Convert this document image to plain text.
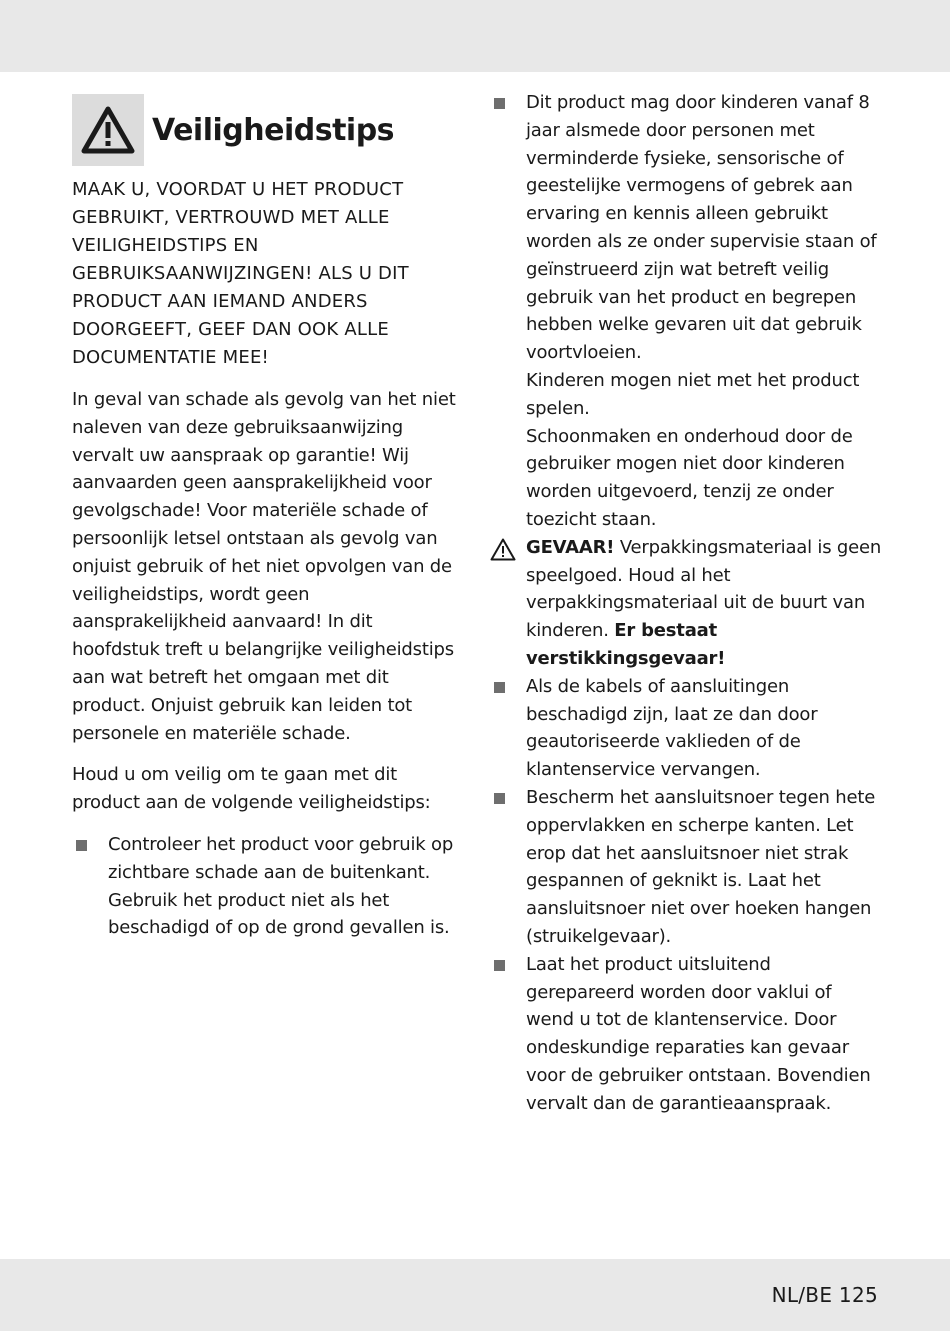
Veiligheidstips

MAAK U, VOORDAT U HET PRODUCT GEBRUIKT, VERTROUWD MET ALLE VEILIGHEIDSTIPS EN GEBRUIKSAANWIJZINGEN! ALS U DIT PRODUCT AAN IEMAND ANDERS DOORGEEFT, GEEF DAN OOK ALLE DOCUMENTATIE MEE!

In geval van schade als gevolg van het niet naleven van deze gebruiksaanwijzing vervalt uw aanspraak op garantie! Wij aanvaarden geen aansprakelijkheid voor gevolgschade! Voor materiële schade of persoonlijk letsel ontstaan als gevolg van onjuist gebruik of het niet opvolgen van de veiligheidstips, wordt geen aansprakelijkheid aanvaard! In dit hoofdstuk treft u belangrijke veiligheidstips aan wat betreft het omgaan met dit product. Onjuist gebruik kan leiden tot personele en materiële schade.

Houd u om veilig om te gaan met dit product aan de volgende veiligheidstips:

Controleer het product voor gebruik op zichtbare schade aan de buitenkant. Gebruik het product niet als het beschadigd of op de grond gevallen is.

Dit product mag door kinderen vanaf 8 jaar alsmede door personen met verminderde fysieke, sensorische of geestelijke vermogens of gebrek aan ervaring en kennis alleen gebruikt worden als ze onder supervisie staan of geïnstrueerd zijn wat betreft veilig gebruik van het product en begrepen hebben welke gevaren uit dat gebruik voortvloeien.

Kinderen mogen niet met het product spelen.

Schoonmaken en onderhoud door de gebruiker mogen niet door kinderen worden uitgevoerd, tenzij ze onder toezicht staan.

GEVAAR! Verpakkingsmateriaal is geen speelgoed. Houd al het verpakkingsmateriaal uit de buurt van kinderen. Er bestaat verstikkingsgevaar!

Als de kabels of aansluitingen beschadigd zijn, laat ze dan door geautoriseerde vaklieden of de klantenservice vervangen.

Bescherm het aansluitsnoer tegen hete oppervlakken en scherpe kanten. Let erop dat het aansluitsnoer niet strak gespannen of geknikt is. Laat het aansluitsnoer niet over hoeken hangen (struikelgevaar).

Laat het product uitsluitend gerepareerd worden door vaklui of wend u tot de klantenservice. Door ondeskundige reparaties kan gevaar voor de gebruiker ontstaan. Bovendien vervalt dan de garantieaanspraak.

NL/BE 125
